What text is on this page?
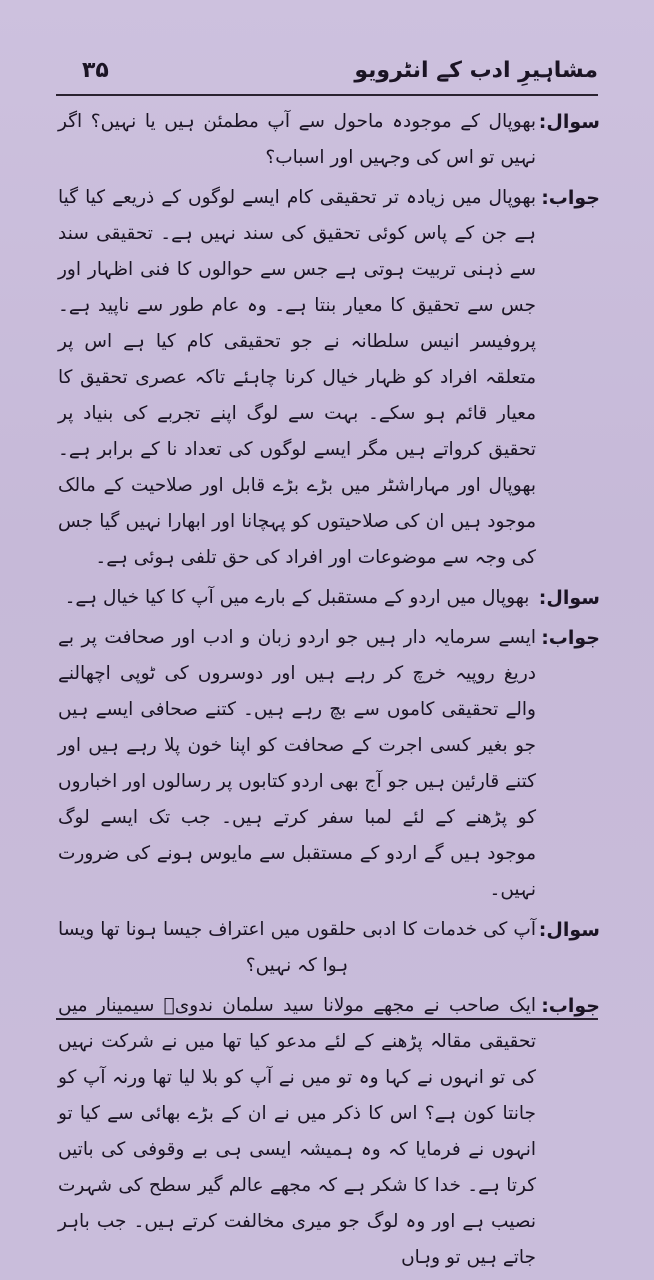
مشاہیرِ ادب کے انٹرویو
۳۵
سوال:
بھوپال کے موجودہ ماحول سے آپ مطمئن ہیں یا نہیں؟ اگر نہیں تو اس کی وجہیں اور اسباب؟
جواب:
بھوپال میں زیادہ تر تحقیقی کام ایسے لوگوں کے ذریعے کیا گیا ہے جن کے پاس کوئی تحقیق کی سند نہیں ہے۔ تحقیقی سند سے ذہنی تربیت ہوتی ہے جس سے حوالوں کا فنی اظہار اور جس سے تحقیق کا معیار بنتا ہے۔ وہ عام طور سے ناپید ہے۔ پروفیسر انیس سلطانہ نے جو تحقیقی کام کیا ہے اس پر متعلقہ افراد کو ظہار خیال کرنا چاہئے تاکہ عصری تحقیق کا معیار قائم ہو سکے۔ بہت سے لوگ اپنے تجربے کی بنیاد پر تحقیق کرواتے ہیں مگر ایسے لوگوں کی تعداد نا کے برابر ہے۔ بھوپال اور مہاراشٹر میں بڑے بڑے قابل اور صلاحیت کے مالک موجود ہیں ان کی صلاحیتوں کو پہچانا اور ابھارا نہیں گیا جس کی وجہ سے موضوعات اور افراد کی حق تلفی ہوئی ہے۔
سوال:
بھوپال میں اردو کے مستقبل کے بارے میں آپ کا کیا خیال ہے۔
جواب:
ایسے سرمایہ دار ہیں جو اردو زبان و ادب اور صحافت پر بے دریغ روپیہ خرچ کر رہے ہیں اور دوسروں کی ٹوپی اچھالنے والے تحقیقی کاموں سے بچ رہے ہیں۔ کتنے صحافی ایسے ہیں جو بغیر کسی اجرت کے صحافت کو اپنا خون پلا رہے ہیں اور کتنے قارئین ہیں جو آج بھی اردو کتابوں پر رسالوں اور اخباروں کو پڑھنے کے لئے لمبا سفر کرتے ہیں۔ جب تک ایسے لوگ موجود ہیں گے اردو کے مستقبل سے مایوس ہونے کی ضرورت نہیں۔
سوال:
آپ کی خدمات کا ادبی حلقوں میں اعتراف جیسا ہونا تھا ویسا ہوا کہ نہیں؟
جواب:
ایک صاحب نے مجھے مولانا سید سلمان ندویؒ سیمینار میں تحقیقی مقالہ پڑھنے کے لئے مدعو کیا تھا میں نے شرکت نہیں کی تو انہوں نے کہا وہ تو میں نے آپ کو بلا لیا تھا ورنہ آپ کو جانتا کون ہے؟ اس کا ذکر میں نے ان کے بڑے بھائی سے کیا تو انہوں نے فرمایا کہ وہ ہمیشہ ایسی ہی بے وقوفی کی باتیں کرتا ہے۔ خدا کا شکر ہے کہ مجھے عالم گیر سطح کی شہرت نصیب ہے اور وہ لوگ جو میری مخالفت کرتے ہیں۔ جب باہر جاتے ہیں تو وہاں
